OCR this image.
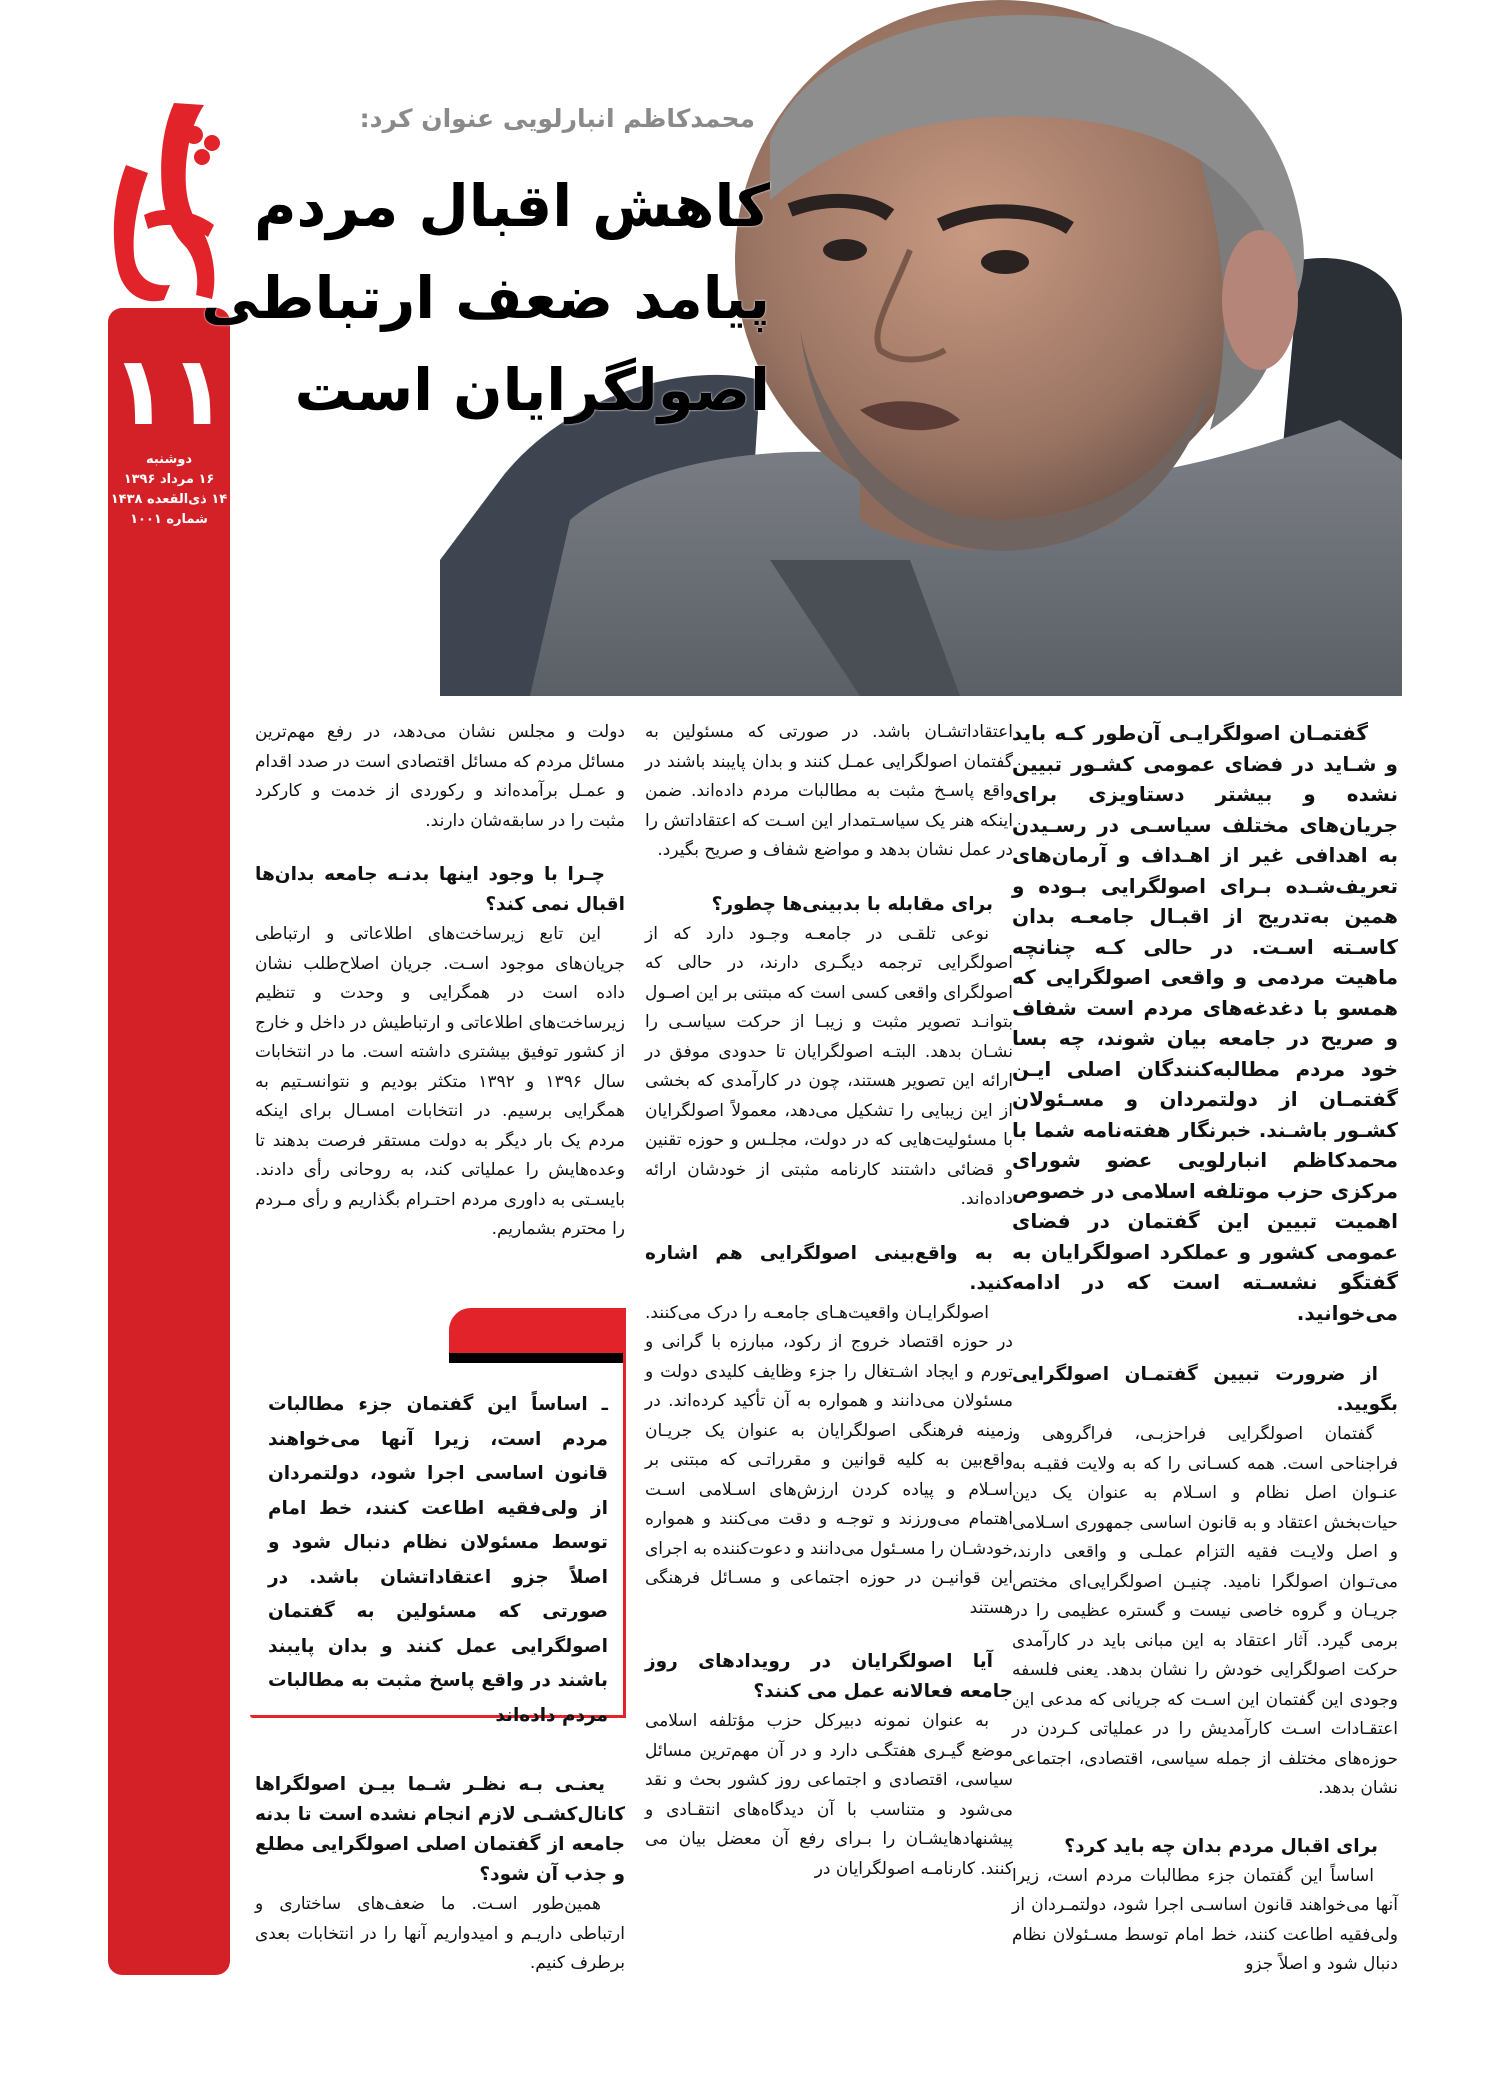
۱۱
دوشنبه
۱۶ مرداد ۱۳۹۶
۱۴ ذی‌القعده ۱۴۳۸
شماره ۱۰۰۱
محمدکاظم انبارلویی عنوان کرد:
کاهش اقبال مردم
پیامد ضعف ارتباطی
اصولگرایان است

گفتمـان اصولگرایـی آن‌طور کـه باید و شـاید در فضای عمومی کشـور تبیین نشده و بیشتر دستاویزی برای جریان‌های مختلف سیاسـی در رسـیدن به اهدافی غیر از اهـداف و آرمان‌های تعریف‌شـده بـرای اصولگرایی بـوده و همین به‌تدریج از اقبـال جامعـه بدان کاسـته اسـت. در حالی کـه چنانچه ماهیت مردمی و واقعی اصولگرایی که همسو با دغدغه‌های مردم است شفاف و صریح در جامعه بیان شوند، چه بسا خود مردم مطالبه‌کنندگان اصلی ایـن گفتمـان از دولتمردان و مسـئولان کشـور باشـند. خبرنگار هفته‌نامه شما با محمدکاظم انبارلویی عضو شورای مرکزی حزب موتلفه اسلامی در خصوص اهمیت تبیین این گفتمان در فضای عمومی کشور و عملکرد اصولگرایان به گفتگو نشسـته است که در ادامه می‌خوانید.

از ضرورت تبیین گفتمـان اصولگرایی بگویید.

گفتمان اصولگرایی فراحزبـی، فراگروهی و فراجناحی است. همه کسـانی را که به ولایت فقیـه به عنـوان اصل نظام و اسـلام به عنوان یک دین حیات‌بخش اعتقاد و به قانون اساسی جمهوری اسـلامی و اصل ولایـت فقیه التزام عملـی و واقعی دارند، می‌تـوان اصولگرا نامید. چنیـن اصولگرایی‌ای مختص جریـان و گروه خاصی نیست و گستره عظیمی را در برمی گیرد. آثار اعتقاد به این مبانی باید در کارآمدی حرکت اصولگرایی خودش را نشان بدهد. یعنی فلسفه وجودی این گفتمان این اسـت که جریانی که مدعی این اعتقـادات اسـت کارآمدیش را در عملیاتی کـردن در حوزه‌های مختلف از جمله سیاسی، اقتصادی، اجتماعی نشان بدهد.

برای اقبال مردم بدان چه باید کرد؟

اساساً این گفتمان جزء مطالبات مردم است، زیرا آنها می‌خواهند قانون اساسـی اجرا شود، دولتمـردان از ولی‌فقیه اطاعت کنند، خط امام توسط مسـئولان نظام دنبال شود و اصلاً جزو

اعتقاداتشـان باشد. در صورتی که مسئولین به گفتمان اصولگرایی عمـل کنند و بدان پایبند باشند در واقع پاسـخ مثبت به مطالبات مردم داده‌اند. ضمن اینکه هنر یک سیاسـتمدار این اسـت که اعتقاداتش را در عمل نشان بدهد و مواضع شفاف و صریح بگیرد.

برای مقابله با بدبینی‌ها چطور؟

نوعی تلقـی در جامعـه وجـود دارد که از اصولگرایی ترجمه دیگـری دارند، در حالی که اصولگرای واقعی کسی است که مبتنی بر این اصـول بتوانـد تصویر مثبت و زیبـا از حرکت سیاسـی را نشـان بدهد. البتـه اصولگرایان تا حدودی موفق در ارائه این تصویر هستند، چون در کارآمدی که بخشی از این زیبایی را تشکیل می‌دهد، معمولاً اصولگرایان با مسئولیت‌هایی که در دولت، مجلـس و حوزه تقنین و قضائی داشتند کارنامه مثبتی از خودشان ارائه داده‌اند.

به واقع‌بینی اصولگرایی هم اشاره کنید.

اصولگرایـان واقعیت‌هـای جامعـه را درک می‌کنند. در حوزه اقتصاد خروج از رکود، مبارزه با گرانی و تورم و ایجاد اشـتغال را جزء وظایف کلیدی دولت و مسئولان می‌دانند و همواره به آن تأکید کرده‌اند. در زمینه فرهنگی اصولگرایان به عنوان یک جریـان واقع‌بین به کلیه قوانین و مقرراتـی که مبتنی بر اسـلام و پیاده کردن ارزش‌های اسـلامی اسـت اهتمام می‌ورزند و توجـه و دقت می‌کنند و همواره خودشـان را مسـئول می‌دانند و دعوت‌کننده به اجرای این قوانیـن در حوزه اجتماعی و مسـائل فرهنگی هستند

آیا اصولگرایان در رویدادهای روز جامعه فعالانه عمل می کنند؟

به عنوان نمونه دبیرکل حزب مؤتلفه اسلامی موضع گیـری هفتگـی دارد و در آن مهم‌ترین مسائل سیاسی، اقتصادی و اجتماعی روز کشور بحث و نقد می‌شود و متناسب با آن دیدگاه‌های انتقـادی و پیشنهادهایشـان را بـرای رفع آن معضل بیان می کنند. کارنامـه اصولگرایان در

دولت و مجلس نشان می‌دهد، در رفع مهم‌ترین مسائل مردم که مسائل اقتصادی است در صدد اقدام و عمـل برآمده‌اند و رکوردی از خدمت و کارکرد مثبت را در سابقه‌شان دارند.

چـرا با وجود اینها بدنـه جامعه بدان‌ها اقبال نمی کند؟

این تابع زیرساخت‌های اطلاعاتی و ارتباطی جریان‌های موجود اسـت. جریان اصلاح‌طلب نشان داده است در همگرایی و وحدت و تنظیم زیرساخت‌های اطلاعاتی و ارتباطیش در داخل و خارج از کشور توفیق بیشتری داشته است. ما در انتخابات سال ۱۳۹۶ و ۱۳۹۲ متکثر بودیم و نتوانسـتیم به همگرایی برسیم. در انتخابات امسـال برای اینکه مردم یک بار دیگر به دولت مستقر فرصت بدهند تا وعده‌هایش را عملیاتی کند، به روحانی رأی دادند. بایسـتی به داوری مردم احتـرام بگذاریم و رأی مـردم را محترم بشماریم.

ـ اساساً این گفتمان جزء مطالبات مردم است، زیرا آنها می‌خواهند قانون اساسی اجرا شود، دولتمردان از ولی‌فقیه اطاعت کنند، خط امام توسط مسئولان نظام دنبال شود و اصلاً جزو اعتقاداتشان باشد. در صورتی که مسئولین به گفتمان اصولگرایی عمل کنند و بدان پایبند باشند در واقع پاسخ مثبت به مطالبات مردم داده‌اند

یعنـی بـه نظـر شـما بیـن اصولگراها کانال‌کشـی لازم انجام نشده است تا بدنه جامعه از گفتمان اصلی اصولگرایی مطلع و جذب آن شود؟

همین‌طور اسـت. ما ضعف‌های ساختاری و ارتباطی داریـم و امیدواریم آنها را در انتخابات بعدی برطرف کنیم.
